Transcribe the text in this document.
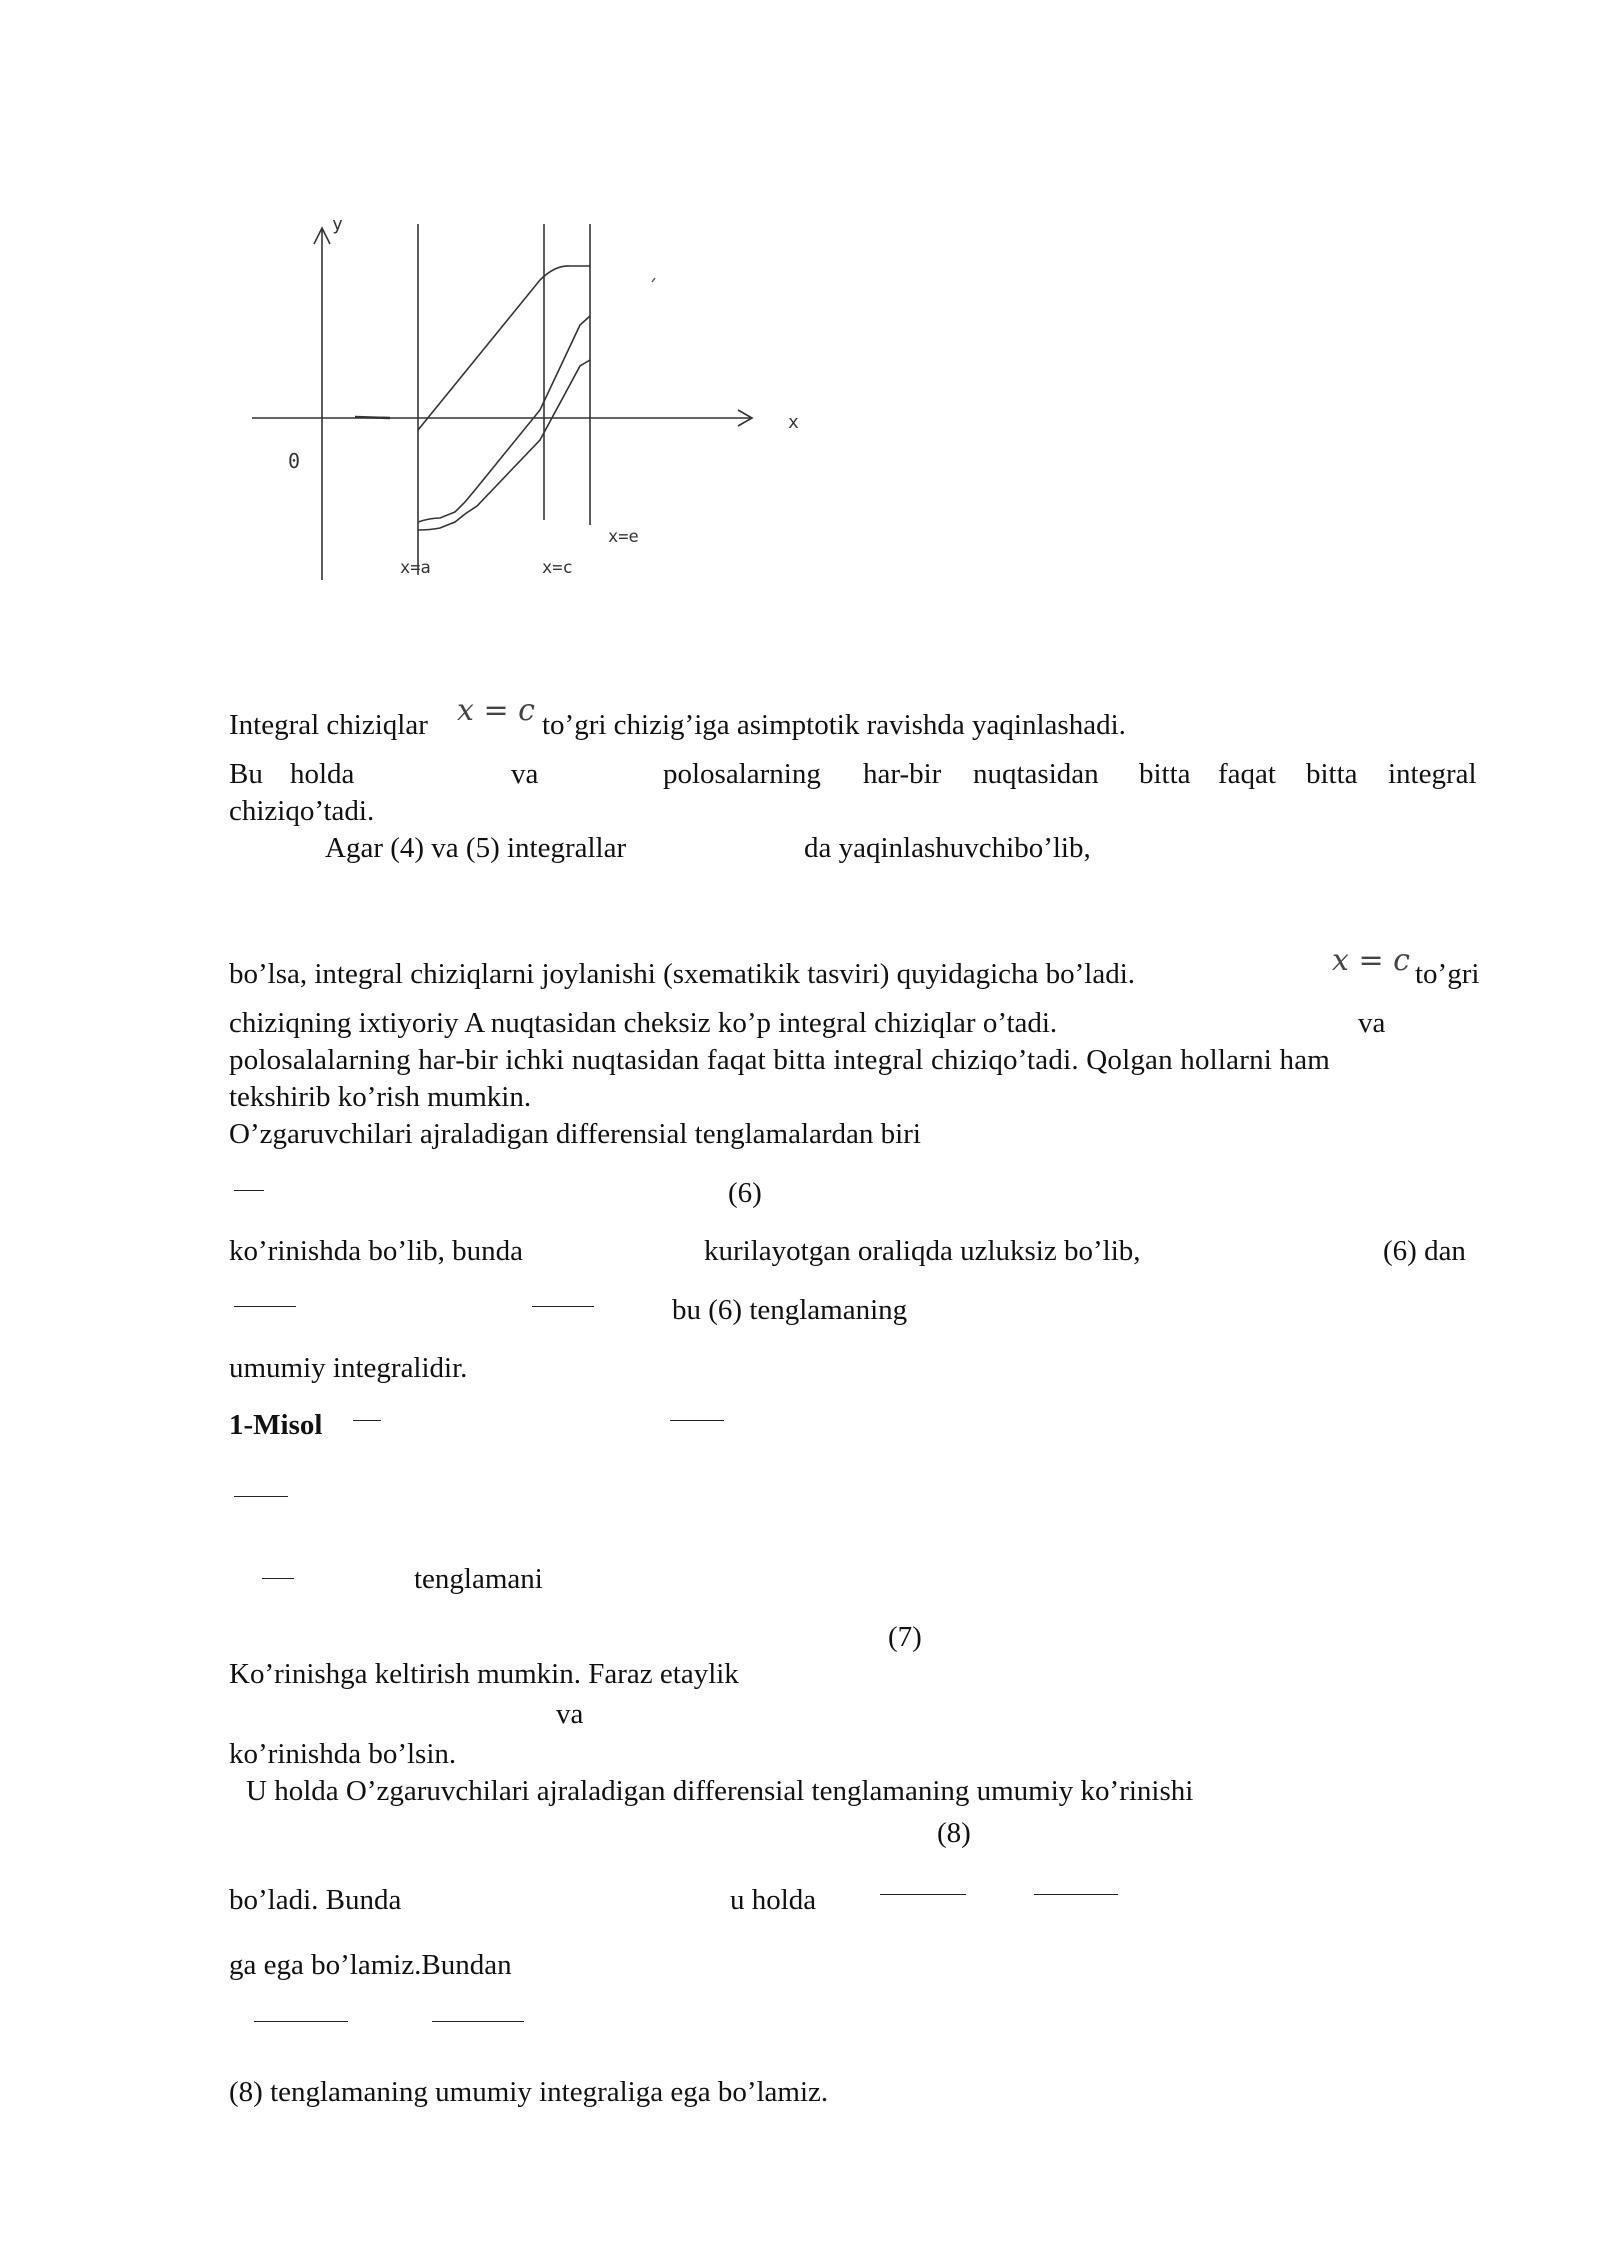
y
x
0
x=a	x=c
x=e
Integral chiziqlar x = c to’gri chizig’iga asimptotik ravishda yaqinlashadi.
Bu holda	va	polosalarning har-bir nuqtasidan bitta faqat bitta integral
chiziqo’tadi.
Agar (4) va (5) integrallar	da yaqinlashuvchibo’lib,
bo’lsa, integral chiziqlarni joylanishi (sxematikik tasviri) quyidagicha bo’ladi.	x = c to’gri
chiziqning ixtiyoriy A nuqtasidan cheksiz ko’p integral chiziqlar o’tadi.	va
polosalalarning har-bir ichki nuqtasidan faqat bitta integral chiziqo’tadi. Qolgan hollarni ham
tekshirib ko’rish mumkin.
O’zgaruvchilari ajraladigan differensial tenglamalardan biri
(6)
ko’rinishda bo’lib, bunda	kurilayotgan oraliqda uzluksiz bo’lib,	(6) dan
bu (6) tenglamaning
umumiy integralidir.
1-Misol
tenglamani
(7)
Ko’rinishga keltirish mumkin. Faraz etaylik
va
ko’rinishda bo’lsin.
U holda O’zgaruvchilari ajraladigan differensial tenglamaning umumiy ko’rinishi
(8)
bo’ladi. Bunda	u holda
ga ega bo’lamiz.Bundan
(8) tenglamaning umumiy integraliga ega bo’lamiz.
